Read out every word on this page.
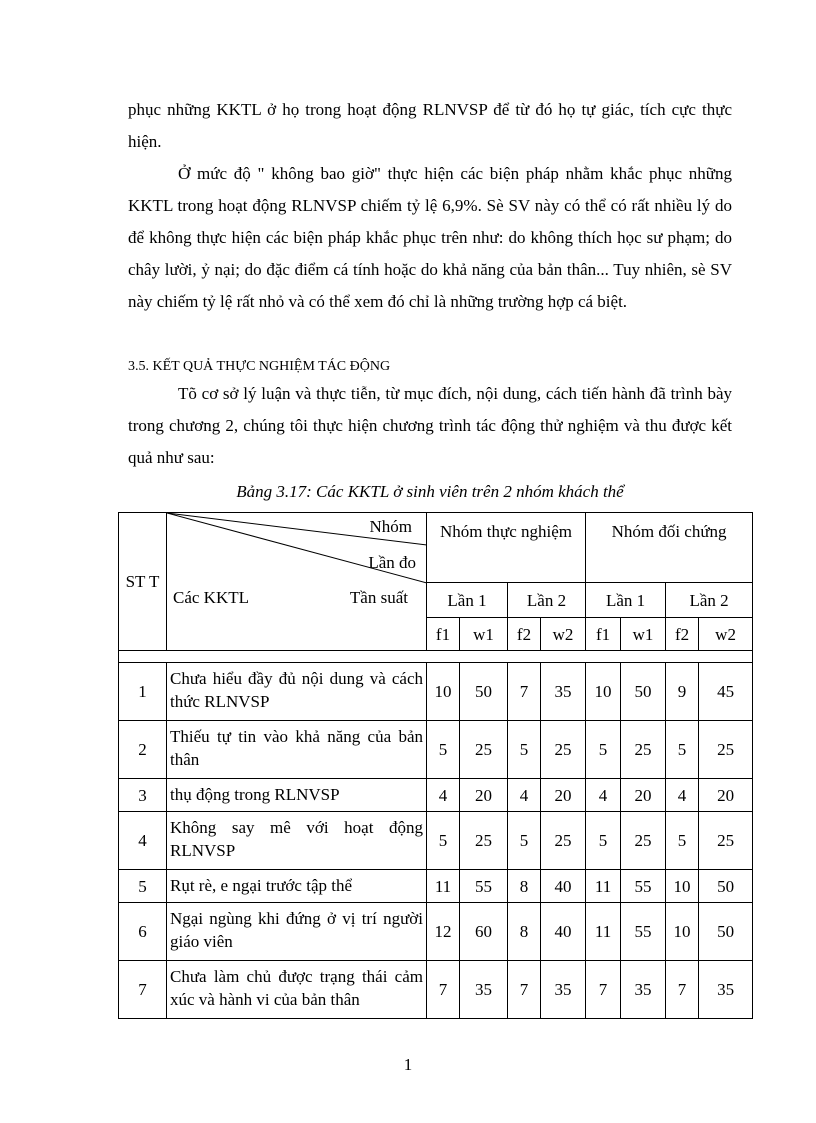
phục những KKTL ở họ trong hoạt động RLNVSP để từ đó họ tự giác, tích cực thực hiện.

Ở mức độ " không bao giờ" thực hiện các biện pháp nhằm khắc phục những KKTL trong hoạt động RLNVSP chiếm tỷ lệ 6,9%. Sè SV này có thể có rất nhiều lý do để không thực hiện các biện pháp khắc phục trên như: do không thích học sư phạm; do chây lười, ỷ nại; do đặc điểm cá tính hoặc do khả năng của bản thân... Tuy nhiên, sè SV này chiếm tỷ lệ rất nhỏ và có thể xem đó chỉ là những trường hợp cá biệt.

3.5. KẾT QUẢ THỰC NGHIỆM TÁC ĐỘNG

Tõ cơ sở lý luận và thực tiễn, từ mục đích, nội dung, cách tiến hành đã trình bày trong chương 2, chúng tôi thực hiện chương trình tác động thử nghiệm và thu được kết quả như sau:

Bảng 3.17: Các KKTL ở sinh viên trên 2 nhóm khách thể

ST T	Nhóm
Lần đo
Các KKTL Tần suất	Nhóm thực nghiệm				Nhóm đối chứng			
		Lần 1		Lần 2		Lần 1		Lần 2	
		f1	w1	f2	w2	f1	w1	f2	w2

1	Chưa hiểu đầy đủ nội dung và cách thức RLNVSP	10	50	7	35	10	50	9	45
2	Thiếu tự tin vào khả năng của bản thân	5	25	5	25	5	25	5	25
3	thụ động trong RLNVSP	4	20	4	20	4	20	4	20
4	Không say mê với hoạt động RLNVSP	5	25	5	25	5	25	5	25
5	Rụt rè, e ngại trước tập thể	11	55	8	40	11	55	10	50
6	Ngại ngùng khi đứng ở vị trí người giáo viên	12	60	8	40	11	55	10	50
7	Chưa làm chủ được trạng thái cảm xúc và hành vi của bản thân	7	35	7	35	7	35	7	35
1
